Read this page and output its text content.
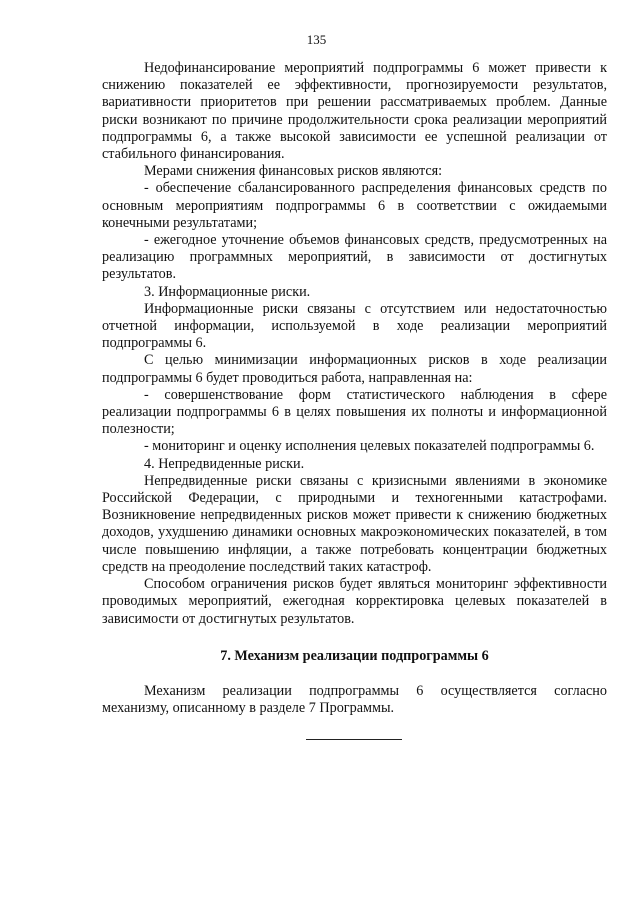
135

Недофинансирование мероприятий подпрограммы 6 может привести к снижению показателей ее эффективности, прогнозируемости результатов, вариативности приоритетов при решении рассматриваемых проблем. Данные риски возникают по причине продолжительности срока реализации мероприятий подпрограммы 6, а также высокой зависимости ее успешной реализации от стабильного финансирования.

Мерами снижения финансовых рисков являются:

- обеспечение сбалансированного распределения финансовых средств по основным мероприятиям подпрограммы 6 в соответствии с ожидаемыми конечными результатами;

- ежегодное уточнение объемов финансовых средств, предусмотренных на реализацию программных мероприятий, в зависимости от достигнутых результатов.

3. Информационные риски.

Информационные риски связаны с отсутствием или недостаточностью отчетной информации, используемой в ходе реализации мероприятий подпрограммы 6.

С целью минимизации информационных рисков в ходе реализации подпрограммы 6 будет проводиться работа, направленная на:

- совершенствование форм статистического наблюдения в сфере реализации подпрограммы 6 в целях повышения их полноты и информационной полезности;

- мониторинг и оценку исполнения целевых показателей подпрограммы 6.

4. Непредвиденные риски.

Непредвиденные риски связаны с кризисными явлениями в экономике Российской Федерации, с природными и техногенными катастрофами. Возникновение непредвиденных рисков может привести к снижению бюджетных доходов, ухудшению динамики основных макроэкономических показателей, в том числе повышению инфляции, а также потребовать концентрации бюджетных средств на преодоление последствий таких катастроф.

Способом ограничения рисков будет являться мониторинг эффективности проводимых мероприятий, ежегодная корректировка целевых показателей в зависимости от достигнутых результатов.

7. Механизм реализации подпрограммы 6

Механизм реализации подпрограммы 6 осуществляется согласно механизму, описанному в разделе 7 Программы.
